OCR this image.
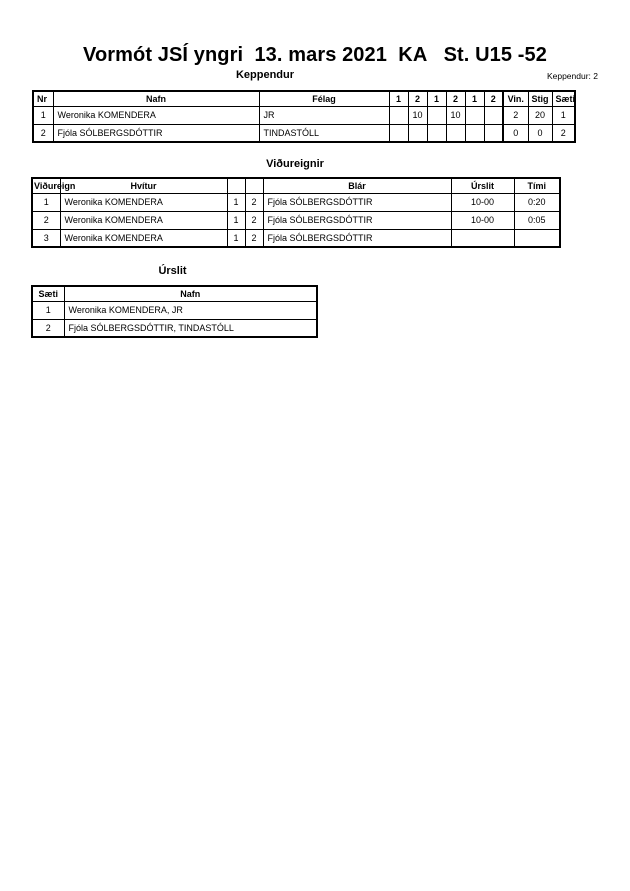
Vormót JSÍ yngri  13. mars 2021  KA   St. U15 -52
Keppendur	Keppendur: 2
Nr	Nafn	Félag	1	2	1	2	1	2	Vin.	Stig	Sæti
1	Weronika KOMENDERA	JR		10		10			2	20	1
2	Fjóla SÓLBERGSDÓTTIR	TINDASTÓLL							0	0	2
Viðureignir
Viðureign	Hvítur			Blár	Úrslit	Tími
1	Weronika KOMENDERA	1	2	Fjóla SÓLBERGSDÓTTIR	10-00	0:20
2	Weronika KOMENDERA	1	2	Fjóla SÓLBERGSDÓTTIR	10-00	0:05
3	Weronika KOMENDERA	1	2	Fjóla SÓLBERGSDÓTTIR		
Úrslit
Sæti	Nafn
1	Weronika KOMENDERA, JR
2	Fjóla SÓLBERGSDÓTTIR, TINDASTÓLL
